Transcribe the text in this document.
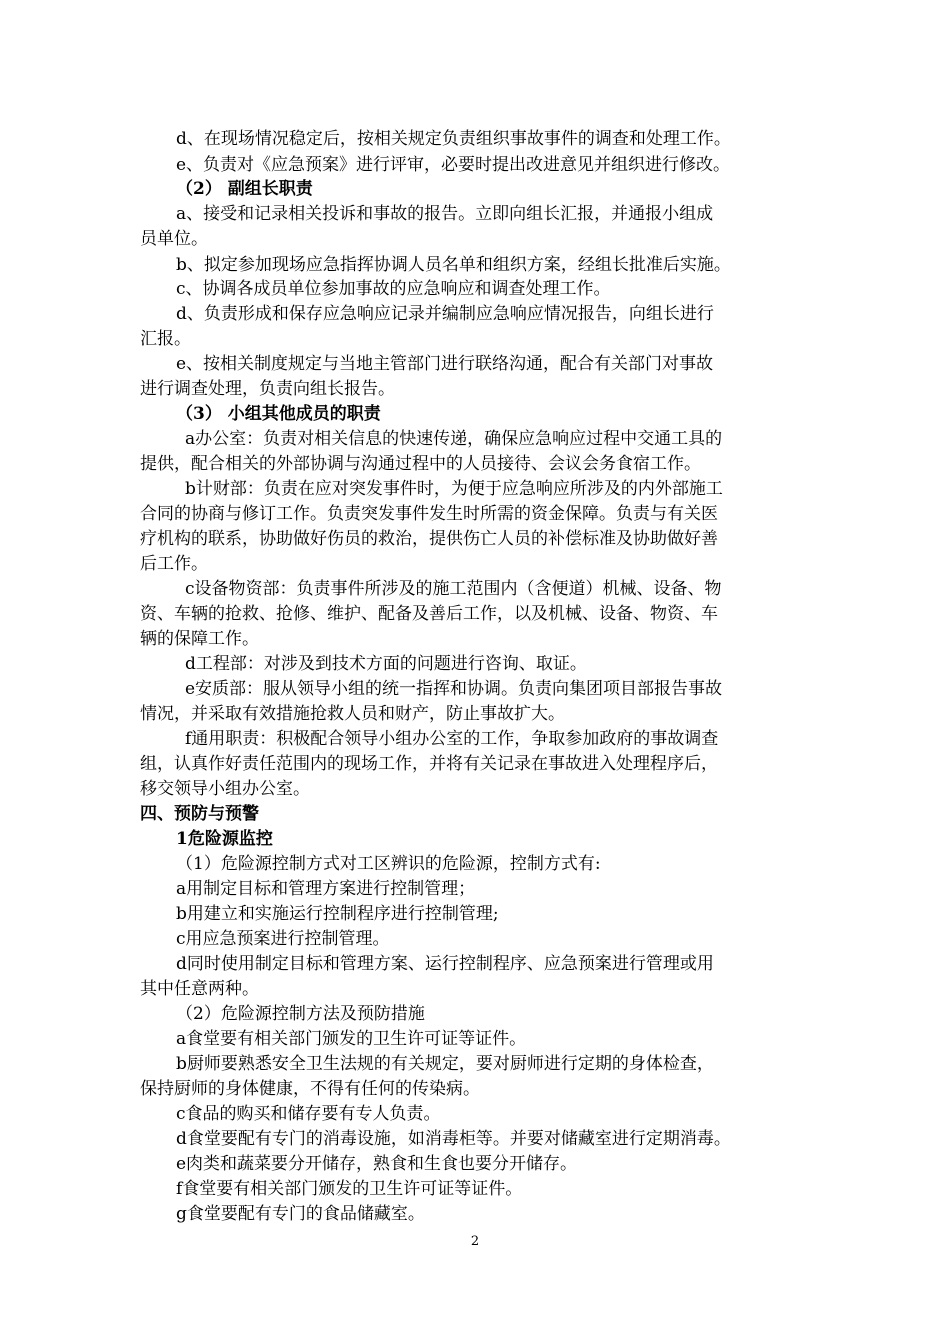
d、在现场情况稳定后，按相关规定负责组织事故事件的调查和处理工作。
e、负责对《应急预案》进行评审，必要时提出改进意见并组织进行修改。
（2） 副组长职责
a、接受和记录相关投诉和事故的报告。立即向组长汇报，并通报小组成
员单位。
b、拟定参加现场应急指挥协调人员名单和组织方案，经组长批准后实施。
c、协调各成员单位参加事故的应急响应和调查处理工作。
d、负责形成和保存应急响应记录并编制应急响应情况报告，向组长进行
汇报。
e、按相关制度规定与当地主管部门进行联络沟通，配合有关部门对事故
进行调查处理，负责向组长报告。
（3） 小组其他成员的职责
a办公室：负责对相关信息的快速传递，确保应急响应过程中交通工具的
提供，配合相关的外部协调与沟通过程中的人员接待、会议会务食宿工作。
b计财部：负责在应对突发事件时，为便于应急响应所涉及的内外部施工
合同的协商与修订工作。负责突发事件发生时所需的资金保障。负责与有关医
疗机构的联系，协助做好伤员的救治，提供伤亡人员的补偿标准及协助做好善
后工作。
c设备物资部：负责事件所涉及的施工范围内（含便道）机械、设备、物
资、车辆的抢救、抢修、维护、配备及善后工作，以及机械、设备、物资、车
辆的保障工作。
d工程部：对涉及到技术方面的问题进行咨询、取证。
e安质部：服从领导小组的统一指挥和协调。负责向集团项目部报告事故
情况，并采取有效措施抢救人员和财产，防止事故扩大。
f通用职责：积极配合领导小组办公室的工作，争取参加政府的事故调查
组，认真作好责任范围内的现场工作，并将有关记录在事故进入处理程序后，
移交领导小组办公室。
四、预防与预警
1危险源监控
（1）危险源控制方式对工区辨识的危险源，控制方式有:
a用制定目标和管理方案进行控制管理；
b用建立和实施运行控制程序进行控制管理;
c用应急预案进行控制管理。
d同时使用制定目标和管理方案、运行控制程序、应急预案进行管理或用
其中任意两种。
（2）危险源控制方法及预防措施
a食堂要有相关部门颁发的卫生许可证等证件。
b厨师要熟悉安全卫生法规的有关规定，要对厨师进行定期的身体检查，
保持厨师的身体健康，不得有任何的传染病。
c食品的购买和储存要有专人负责。
d食堂要配有专门的消毒设施，如消毒柜等。并要对储藏室进行定期消毒。
e肉类和蔬菜要分开储存，熟食和生食也要分开储存。
f食堂要有相关部门颁发的卫生许可证等证件。
g食堂要配有专门的食品储藏室。
2
